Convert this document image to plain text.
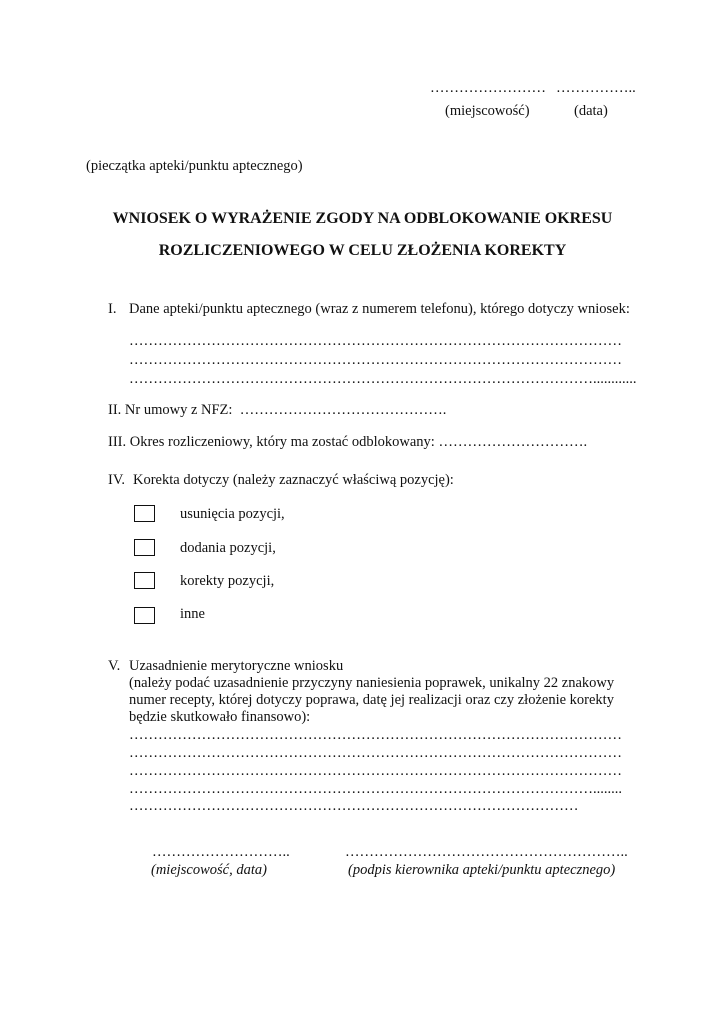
…………………… ……………..
(miejscowość)	(data)
(pieczątka apteki/punktu aptecznego)
WNIOSEK O WYRAŻENIE ZGODY NA ODBLOKOWANIE OKRESU
ROZLICZENIOWEGO W CELU ZŁOŻENIA KOREKTY
I. Dane apteki/punktu aptecznego (wraz z numerem telefonu), którego dotyczy wniosek:
…………………………………………………………………………………………
…………………………………………………………………………………………
……………………………………………………………………………………............
II. Nr umowy z NFZ:  …………………………………….
III. Okres rozliczeniowy, który ma zostać odblokowany: ………………………….
IV. Korekta dotyczy (należy zaznaczyć właściwą pozycję):
usunięcia pozycji,
dodania pozycji,
korekty pozycji,
inne
V. Uzasadnienie merytoryczne wniosku
(należy podać uzasadnienie przyczyny naniesienia poprawek, unikalny 22 znakowy
numer recepty, której dotyczy poprawa, datę jej realizacji oraz czy złożenie korekty
będzie skutkowało finansowo):
…………………………………………………………………………………………
…………………………………………………………………………………………
…………………………………………………………………………………………
……………………………………………………………………………………........
…………………………………………………………………………………
………………………..	…………………………………………………..
(miejscowość, data)	(podpis kierownika apteki/punktu aptecznego)
